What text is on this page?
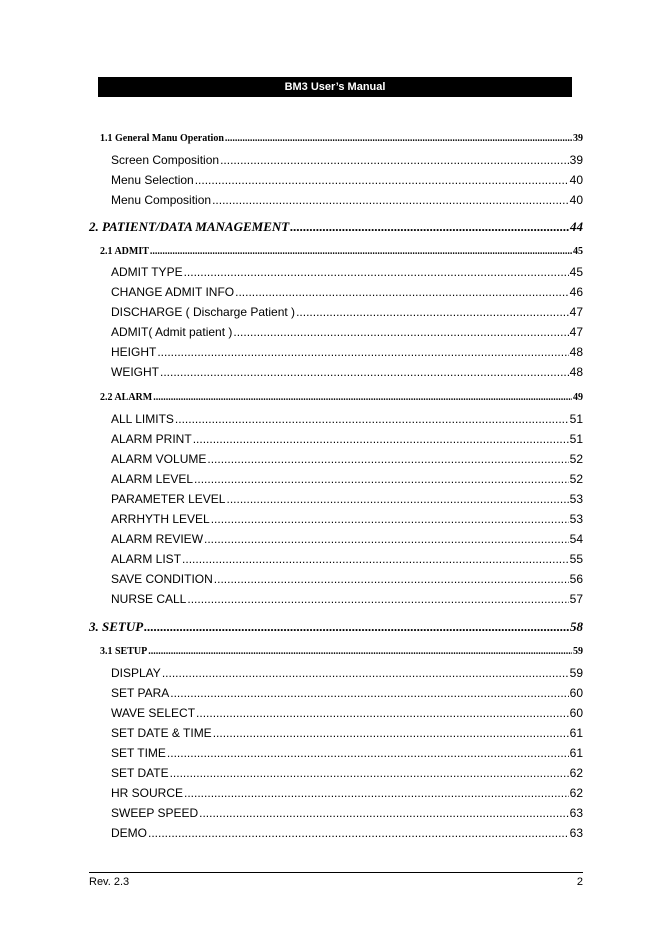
BM3 User’s Manual
1.1 General Manu Operation .....	39
Screen Composition .....	39
Menu Selection .....	40
Menu Composition .....	40
2. PATIENT/DATA MANAGEMENT .....	44
2.1 ADMIT .....	45
ADMIT TYPE .....	45
CHANGE ADMIT INFO .....	46
DISCHARGE ( Discharge Patient ) .....	47
ADMIT( Admit patient ) .....	47
HEIGHT .....	48
WEIGHT .....	48
2.2 ALARM .....	49
ALL LIMITS .....	51
ALARM PRINT .....	51
ALARM VOLUME .....	52
ALARM LEVEL .....	52
PARAMETER LEVEL .....	53
ARRHYTH LEVEL .....	53
ALARM REVIEW .....	54
ALARM LIST .....	55
SAVE CONDITION .....	56
NURSE CALL .....	57
3. SETUP .....	58
3.1 SETUP .....	59
DISPLAY .....	59
SET PARA .....	60
WAVE SELECT .....	60
SET DATE & TIME .....	61
SET TIME .....	61
SET DATE .....	62
HR SOURCE .....	62
SWEEP SPEED .....	63
DEMO .....	63
Rev. 2.3	2
